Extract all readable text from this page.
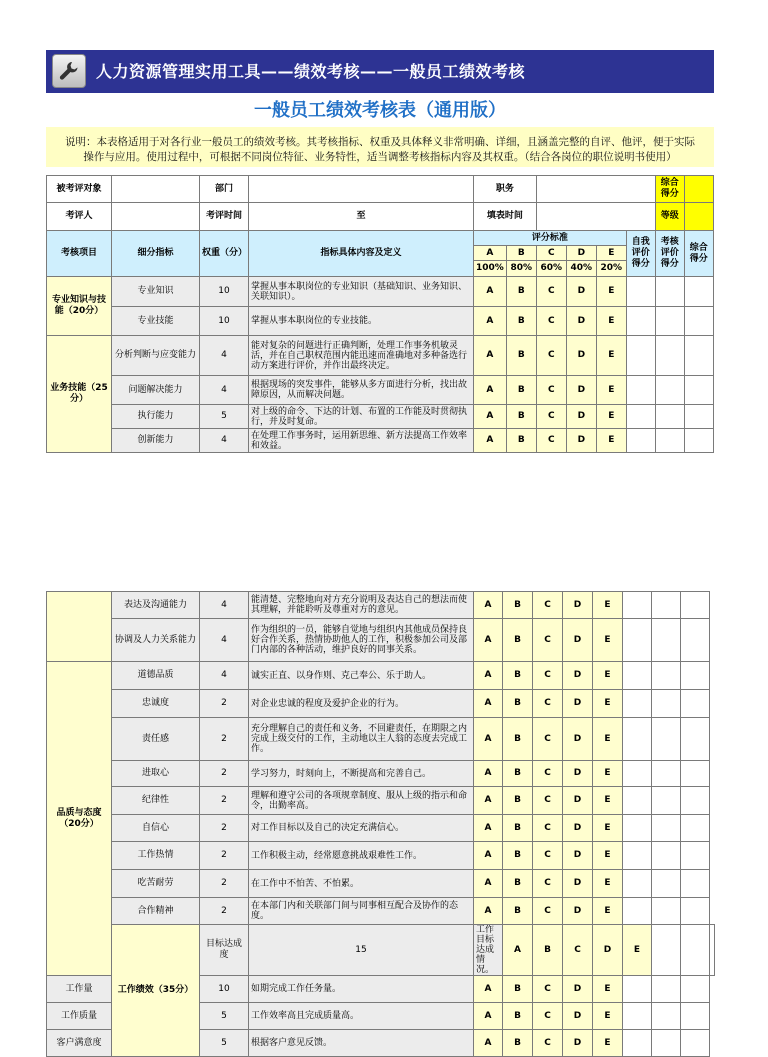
人力资源管理实用工具——绩效考核——一般员工绩效考核
一般员工绩效考核表（通用版）
说明：本表格适用于对各行业一般员工的绩效考核。其考核指标、权重及具体释义非常明确、详细，且涵盖完整的自评、他评，便于实际
操作与应用。使用过程中，可根据不同岗位特征、业务特性，适当调整考核指标内容及其权重。（结合各岗位的职位说明书使用）
被考评对象		部门		职务						综合得分	
考评人		考评时间	至	填表时间						等级	
考核项目	细分指标	权重（分）	指标具体内容及定义	评分标准					自我评价得分	考核评价得分	综合得分
				A	B	C	D	E			
				100%	80%	60%	40%	20%			
专业知识与技能（20分）	专业知识	10	掌握从事本职岗位的专业知识（基础知识、业务知识、关联知识）。	A	B	C	D	E			
	专业技能	10	掌握从事本职岗位的专业技能。	A	B	C	D	E			
业务技能（25分）	分析判断与应变能力	4	能对复杂的问题进行正确判断，处理工作事务机敏灵活，并在自己职权范围内能迅速而准确地对多种备选行动方案进行评价，并作出最终决定。	A	B	C	D	E			
	问题解决能力	4	根据现场的突发事件，能够从多方面进行分析，找出故障原因，从而解决问题。	A	B	C	D	E			
	执行能力	5	对上级的命令、下达的计划、布置的工作能及时贯彻执行，并及时复命。	A	B	C	D	E			
	创新能力	4	在处理工作事务时，运用新思维、新方法提高工作效率和效益。	A	B	C	D	E			
	表达及沟通能力	4	能清楚、完整地向对方充分说明及表达自己的想法而使其理解，并能聆听及尊重对方的意见。	A	B	C	D	E				
	协调及人力关系能力	4	作为组织的一员，能够自觉地与组织内其他成员保持良好合作关系，热情协助他人的工作，积极参加公司及部门内部的各种活动，维护良好的同事关系。	A	B	C	D	E				
品质与态度（20分）	道德品质	4	诚实正直、以身作则、克己奉公、乐于助人。	A	B	C	D	E				
	忠诚度	2	对企业忠诚的程度及爱护企业的行为。	A	B	C	D	E				
	责任感	2	充分理解自己的责任和义务，不回避责任，在期限之内完成上级交付的工作，主动地以主人翁的态度去完成工作。	A	B	C	D	E				
	进取心	2	学习努力，时刻向上，不断提高和完善自己。	A	B	C	D	E				
	纪律性	2	理解和遵守公司的各项规章制度、服从上级的指示和命令，出勤率高。	A	B	C	D	E				
	自信心	2	对工作目标以及自己的决定充满信心。	A	B	C	D	E				
	工作热情	2	工作积极主动，经常愿意挑战艰难性工作。	A	B	C	D	E				
	吃苦耐劳	2	在工作中不怕苦、不怕累。	A	B	C	D	E				
	合作精神	2	在本部门内和关联部门间与同事相互配合及协作的态度。	A	B	C	D	E				
	工作绩效（35分）	目标达成度	15	工作目标达成情况。	A	B	C	D	E			
工作量		10	如期完成工作任务量。	A	B	C	D	E				
工作质量		5	工作效率高且完成质量高。	A	B	C	D	E				
客户满意度		5	根据客户意见反馈。	A	B	C	D	E				
